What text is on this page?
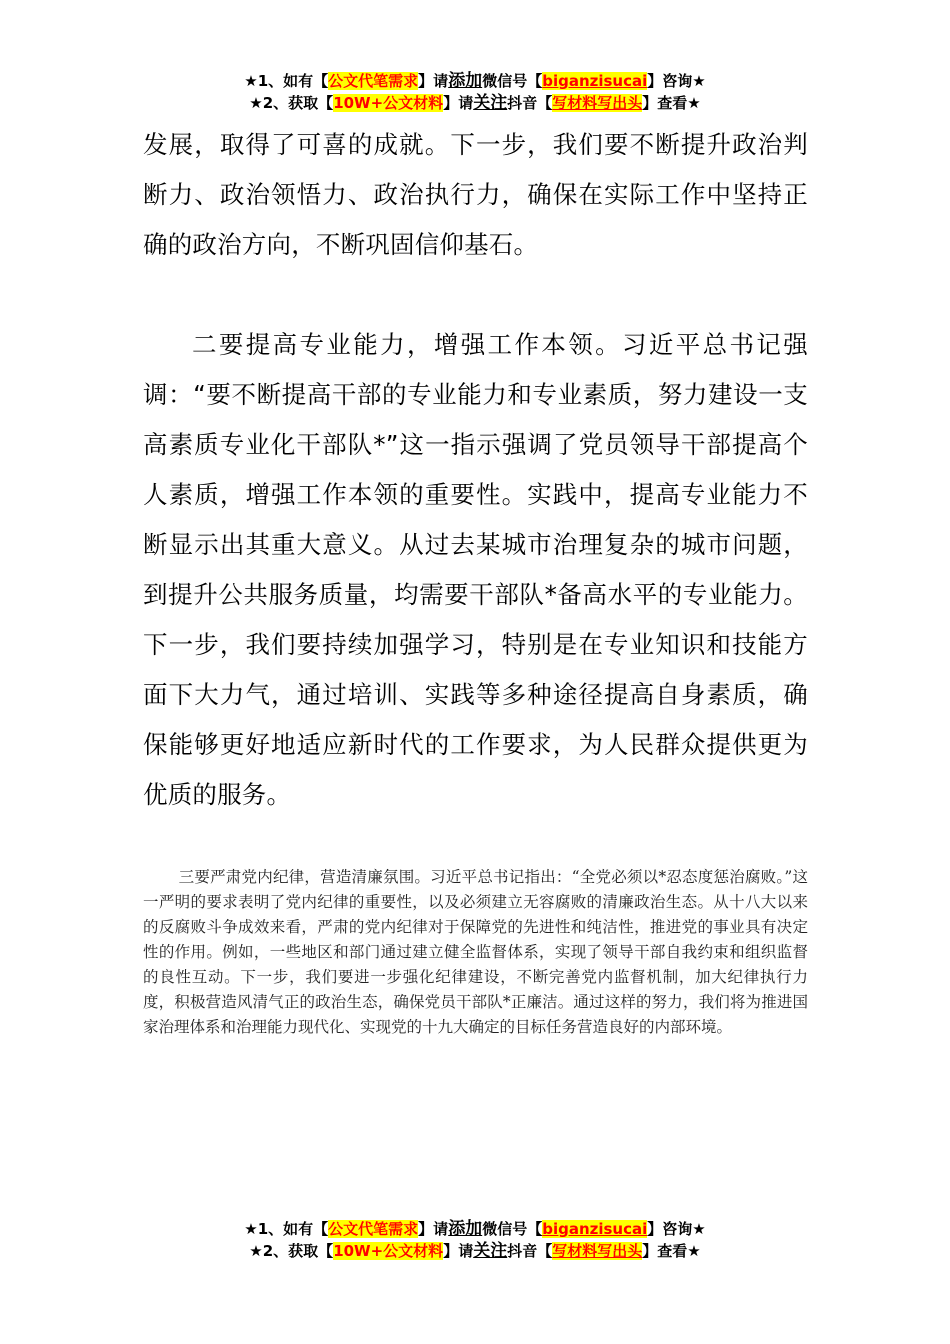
★1、如有【公文代笔需求】请添加微信号【biganzisucai】咨询★
★2、获取【10W+公文材料】请关注抖音【写材料写出头】查看★

发展，取得了可喜的成就。下一步，我们要不断提升政治判断力、政治领悟力、政治执行力，确保在实际工作中坚持正确的政治方向，不断巩固信仰基石。

二要提高专业能力，增强工作本领。习近平总书记强调：“要不断提高干部的专业能力和专业素质，努力建设一支高素质专业化干部队*”这一指示强调了党员领导干部提高个人素质，增强工作本领的重要性。实践中，提高专业能力不断显示出其重大意义。从过去某城市治理复杂的城市问题，到提升公共服务质量，均需要干部队*备高水平的专业能力。下一步，我们要持续加强学习，特别是在专业知识和技能方面下大力气，通过培训、实践等多种途径提高自身素质，确保能够更好地适应新时代的工作要求，为人民群众提供更为优质的服务。

三要严肃党内纪律，营造清廉氛围。习近平总书记指出：“全党必须以*忍态度惩治腐败。”这一严明的要求表明了党内纪律的重要性，以及必须建立无容腐败的清廉政治生态。从十八大以来的反腐败斗争成效来看，严肃的党内纪律对于保障党的先进性和纯洁性，推进党的事业具有决定性的作用。例如，一些地区和部门通过建立健全监督体系，实现了领导干部自我约束和组织监督的良性互动。下一步，我们要进一步强化纪律建设，不断完善党内监督机制，加大纪律执行力度，积极营造风清气正的政治生态，确保党员干部队*正廉洁。通过这样的努力，我们将为推进国家治理体系和治理能力现代化、实现党的十九大确定的目标任务营造良好的内部环境。

★1、如有【公文代笔需求】请添加微信号【biganzisucai】咨询★
★2、获取【10W+公文材料】请关注抖音【写材料写出头】查看★
